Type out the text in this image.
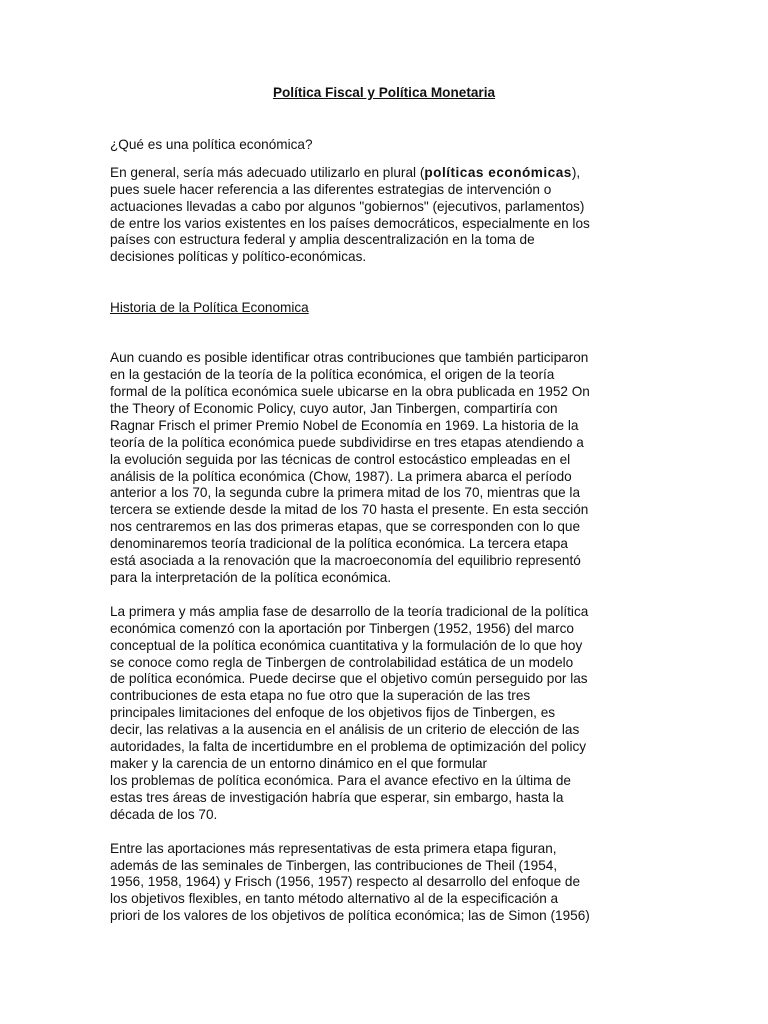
Política Fiscal y Política Monetaria
¿Qué es una política económica?
En general, sería más adecuado utilizarlo en plural (políticas económicas),
pues suele hacer referencia a las diferentes estrategias de intervención o
actuaciones llevadas a cabo por algunos "gobiernos" (ejecutivos, parlamentos)
de entre los varios existentes en los países democráticos, especialmente en los
países con estructura federal y amplia descentralización en la toma de
decisiones políticas y político-económicas.
Historia de la Política Economica
Aun cuando es posible identificar otras contribuciones que también participaron
en la gestación de la teoría de la política económica, el origen de la teoría
formal de la política económica suele ubicarse en la obra publicada en 1952 On
the Theory of Economic Policy, cuyo autor, Jan Tinbergen, compartiría con
Ragnar Frisch el primer Premio Nobel de Economía en 1969. La historia de la
teoría de la política económica puede subdividirse en tres etapas atendiendo a
la evolución seguida por las técnicas de control estocástico empleadas en el
análisis de la política económica (Chow, 1987). La primera abarca el período
anterior a los 70, la segunda cubre la primera mitad de los 70, mientras que la
tercera se extiende desde la mitad de los 70 hasta el presente. En esta sección
nos centraremos en las dos primeras etapas, que se corresponden con lo que
denominaremos teoría tradicional de la política económica. La tercera etapa
está asociada a la renovación que la macroeconomía del equilibrio representó
para la interpretación de la política económica.
La primera y más amplia fase de desarrollo de la teoría tradicional de la política
económica comenzó con la aportación por Tinbergen (1952, 1956) del marco
conceptual de la política económica cuantitativa y la formulación de lo que hoy
se conoce como regla de Tinbergen de controlabilidad estática de un modelo
de política económica. Puede decirse que el objetivo común perseguido por las
contribuciones de esta etapa no fue otro que la superación de las tres
principales limitaciones del enfoque de los objetivos fijos de Tinbergen, es
decir, las relativas a la ausencia en el análisis de un criterio de elección de las
autoridades, la falta de incertidumbre en el problema de optimización del policy
maker y la carencia de un entorno dinámico en el que formular
los problemas de política económica. Para el avance efectivo en la última de
estas tres áreas de investigación habría que esperar, sin embargo, hasta la
década de los 70.
Entre las aportaciones más representativas de esta primera etapa figuran,
además de las seminales de Tinbergen, las contribuciones de Theil (1954,
1956, 1958, 1964) y Frisch (1956, 1957) respecto al desarrollo del enfoque de
los objetivos flexibles, en tanto método alternativo al de la especificación a
priori de los valores de los objetivos de política económica; las de Simon (1956)
